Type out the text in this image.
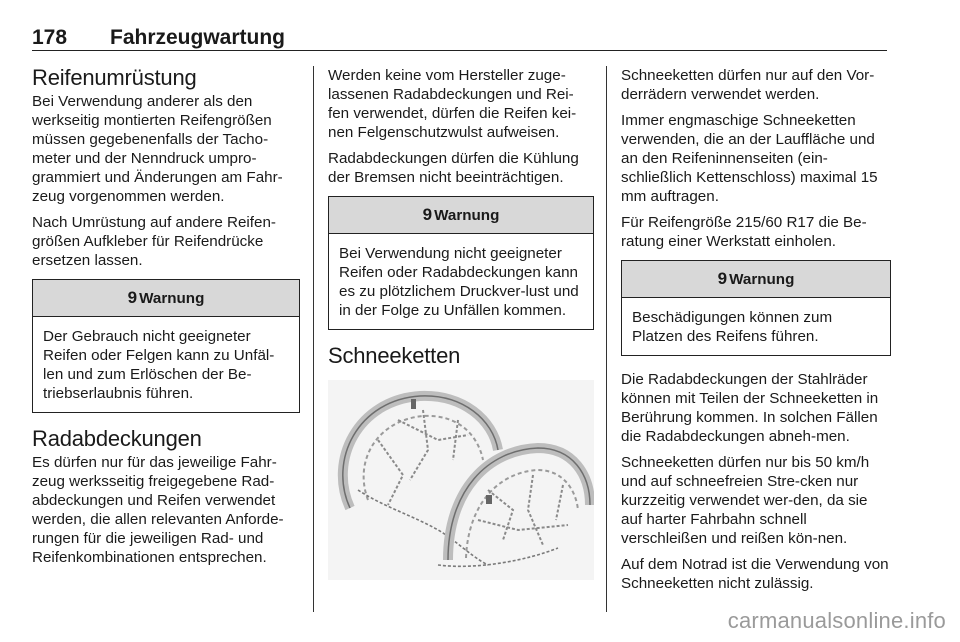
178 Fahrzeugwartung
Reifenumrüstung

Bei Verwendung anderer als den werkseitig montierten Reifengrößen müssen gegebenenfalls der Tacho-meter und der Nenndruck umpro-grammiert und Änderungen am Fahr-zeug vorgenommen werden.

Nach Umrüstung auf andere Reifen-größen Aufkleber für Reifendrücke ersetzen lassen.

9 Warnung
Der Gebrauch nicht geeigneter Reifen oder Felgen kann zu Unfäl-len und zum Erlöschen der Be-triebserlaubnis führen.
Radabdeckungen

Es dürfen nur für das jeweilige Fahr-zeug werksseitig freigegebene Rad-abdeckungen und Reifen verwendet werden, die allen relevanten Anforde-rungen für die jeweiligen Rad- und Reifenkombinationen entsprechen.

Werden keine vom Hersteller zuge-lassenen Radabdeckungen und Rei-fen verwendet, dürfen die Reifen kei-nen Felgenschutzwulst aufweisen.

Radabdeckungen dürfen die Kühlung der Bremsen nicht beeinträchtigen.

9 Warnung
Bei Verwendung nicht geeigneter Reifen oder Radabdeckungen kann es zu plötzlichem Druckver-lust und in der Folge zu Unfällen kommen.
Schneeketten

Schneeketten dürfen nur auf den Vor-derrädern verwendet werden.

Immer engmaschige Schneeketten verwenden, die an der Lauffläche und an den Reifeninnenseiten (ein-schließlich Kettenschloss) maximal 15 mm auftragen.

Für Reifengröße 215/60 R17 die Be-ratung einer Werkstatt einholen.

9 Warnung
Beschädigungen können zum Platzen des Reifens führen.

Die Radabdeckungen der Stahlräder können mit Teilen der Schneeketten in Berührung kommen. In solchen Fällen die Radabdeckungen abneh-men.

Schneeketten dürfen nur bis 50 km/h und auf schneefreien Stre-cken nur kurzzeitig verwendet wer-den, da sie auf harter Fahrbahn schnell verschleißen und reißen kön-nen.

Auf dem Notrad ist die Verwendung von Schneeketten nicht zulässig.

carmanualsonline.info
